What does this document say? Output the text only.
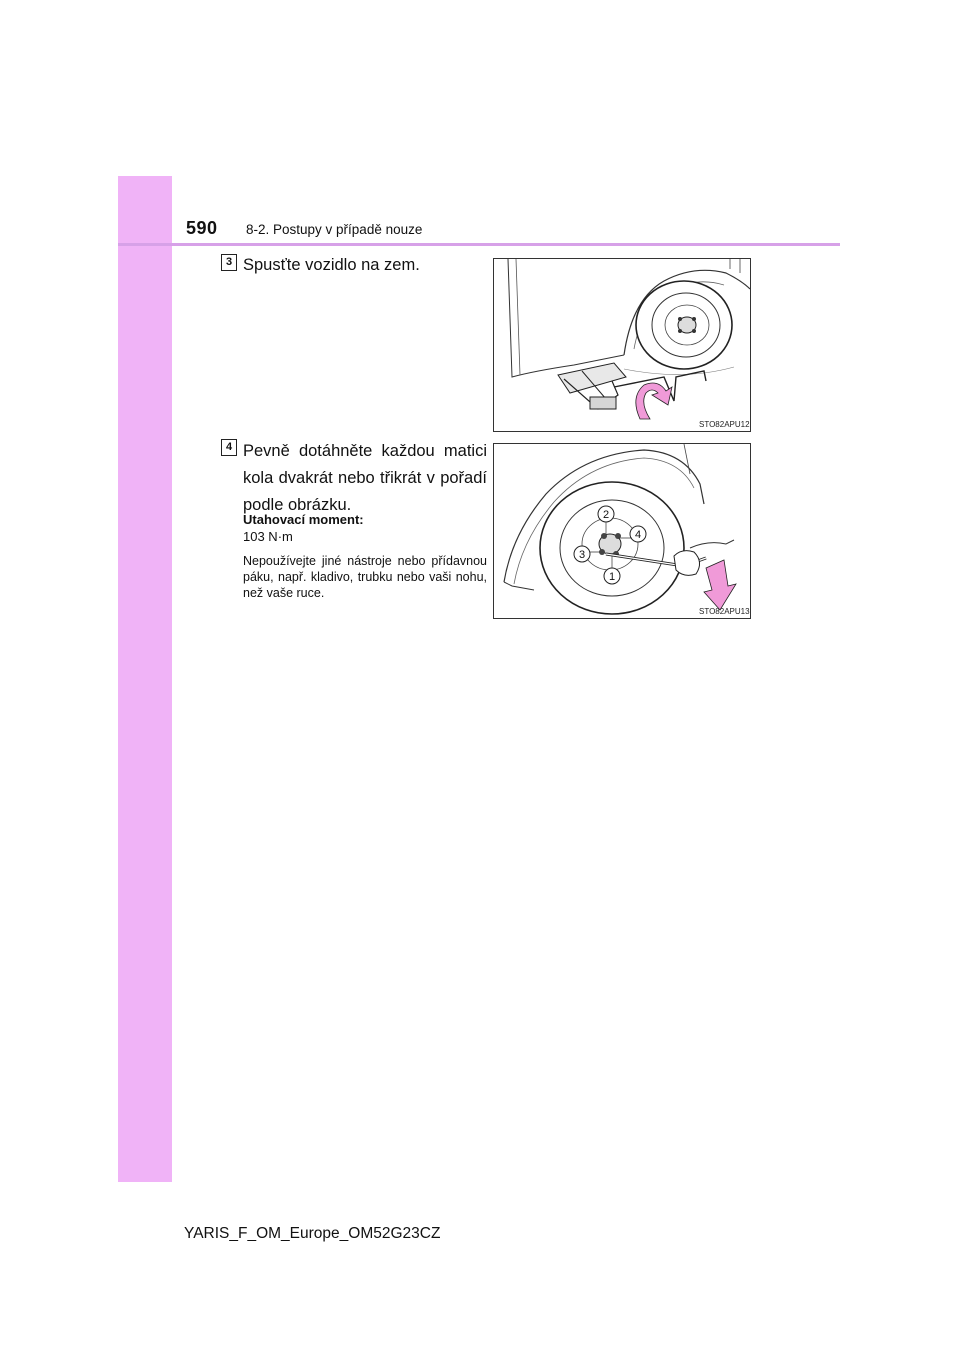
590 8-2. Postupy v případě nouze
3 Spusťte vozidlo na zem.
STO82APU12
4 Pevně dotáhněte každou matici kola dvakrát nebo třikrát v pořadí podle obrázku.
Utahovací moment:
103 N·m
Nepoužívejte jiné nástroje nebo přídavnou páku, např. kladivo, trubku nebo vaši nohu, než vaše ruce.
2
4
3
1
STO82APU13
YARIS_F_OM_Europe_OM52G23CZ
